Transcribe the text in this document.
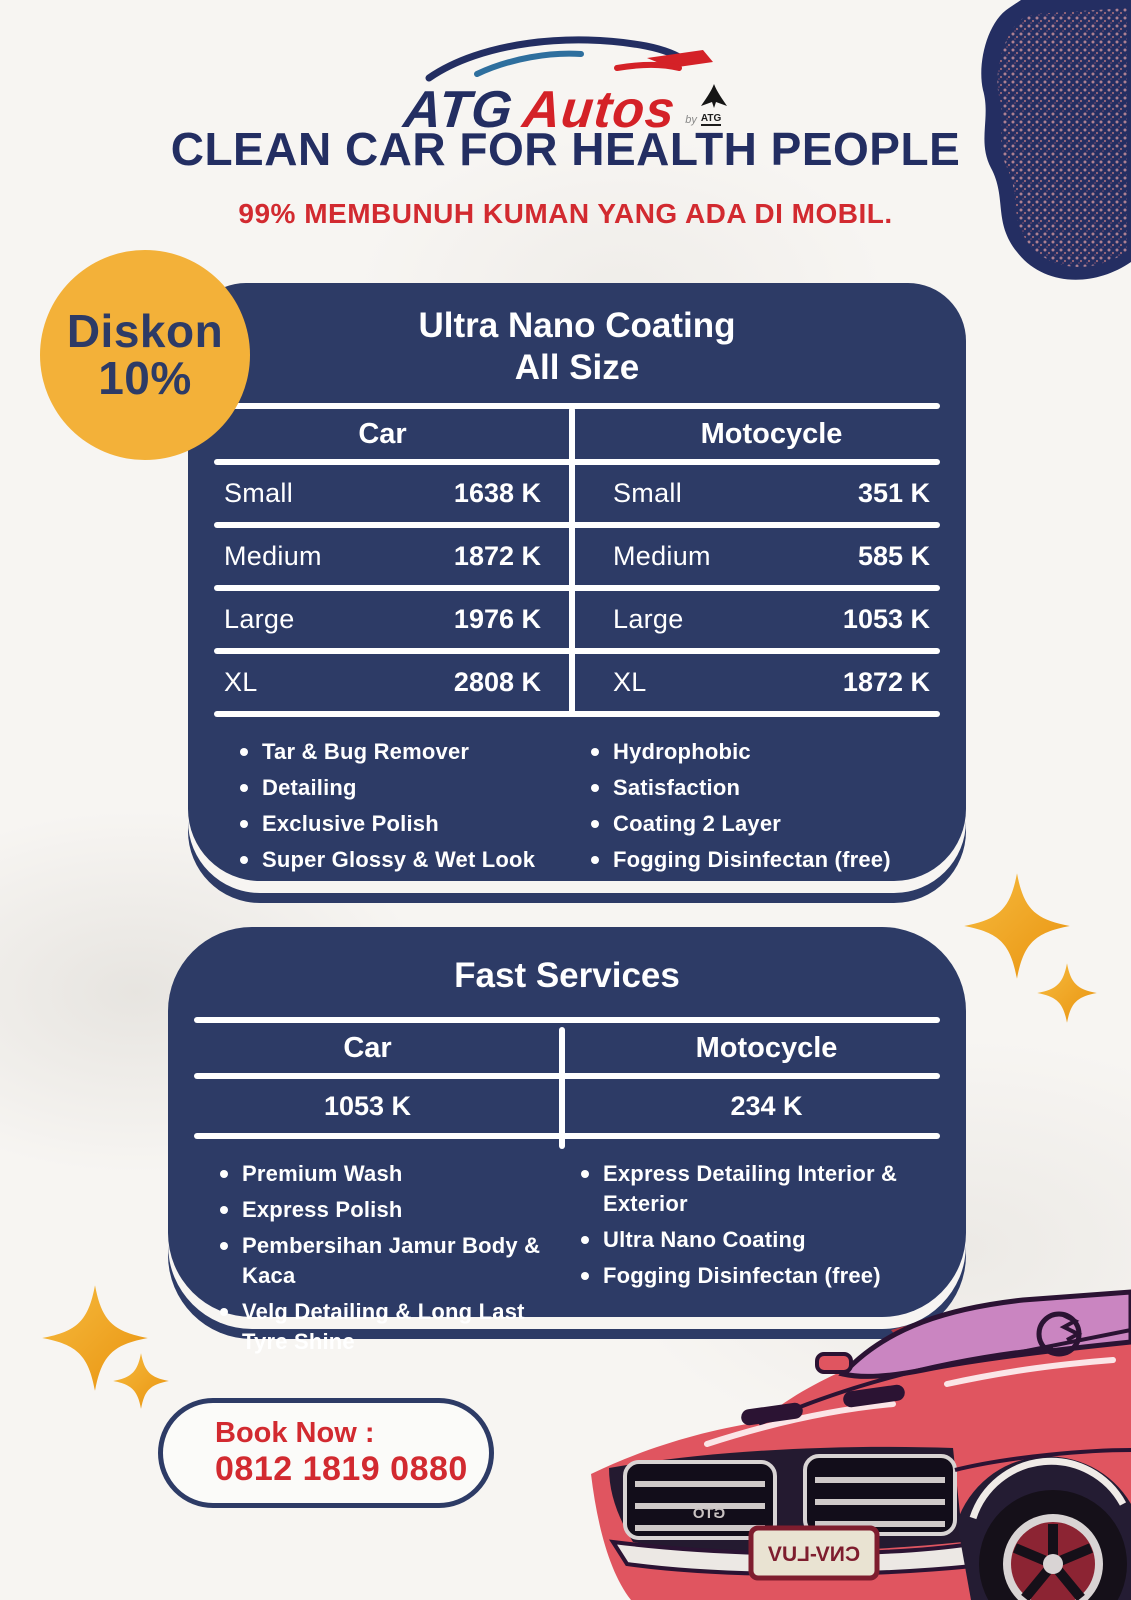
ATG Autos by ATG
CLEAN CAR FOR HEALTH PEOPLE
99% MEMBUNUH KUMAN YANG ADA DI MOBIL.
Diskon
10%
Ultra Nano Coating
All Size
Car	Motocycle
Small	1638 K	Small	351 K
Medium	1872 K	Medium	585 K
Large	1976 K	Large	1053 K
XL	2808 K	XL	1872 K
Tar & Bug Remover
Detailing
Exclusive Polish
Super Glossy & Wet Look
Hydrophobic
Satisfaction
Coating 2 Layer
Fogging Disinfectan (free)
Fast Services
Car	Motocycle
1053 K	234 K
Premium Wash
Express Polish
Pembersihan Jamur Body & Kaca
Velg Detailing & Long Last Tyre Shine
Express Detailing Interior & Exterior
Ultra Nano Coating
Fogging Disinfectan (free)
Book Now :
0812 1819 0880
GTO
CNV-LUV
